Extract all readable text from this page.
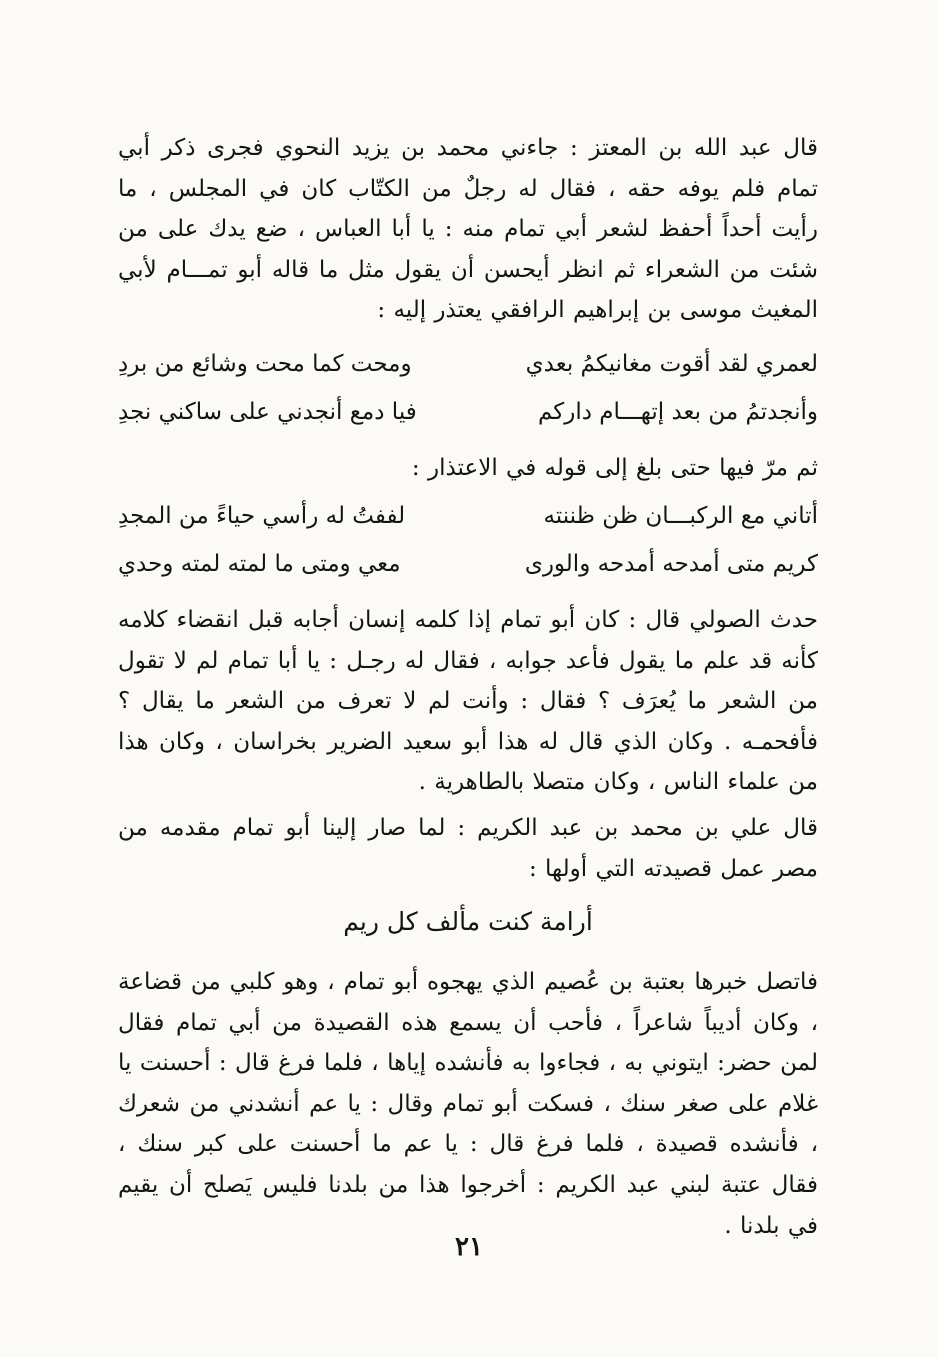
قال عبد الله بن المعتز : جاءني محمد بن يزيد النحوي فجرى ذكر أبي تمام فلم يوفه حقه ، فقال له رجلٌ من الكتّاب كان في المجلس ، ما رأيت أحداً أحفظ لشعر أبي تمام منه : يا أبا العباس ، ضع يدك على من شئت من الشعراء ثم انظر أيحسن أن يقول مثل ما قاله أبو تمـــام لأبي المغيث موسى بن إبراهيم الرافقي يعتذر إليه :

لعمري لقد أقوت مغانيكمُ بعدي
ومحت كما محت وشائع من بردِ
وأنجدتمُ من بعد إتهـــام داركم
فيا دمع أنجدني على ساكني نجدِ

ثم مرّ فيها حتى بلغ إلى قوله في الاعتذار :

أتاني مع الركبـــان ظن ظننته
لففتُ له رأسي حياءً من المجدِ
كريم متى أمدحه أمدحه والورى
معي ومتى ما لمته لمته وحدي

حدث الصولي قال : كان أبو تمام إذا كلمه إنسان أجابه قبل انقضاء كلامه كأنه قد علم ما يقول فأعد جوابه ، فقال له رجـل : يا أبا تمام لم لا تقول من الشعر ما يُعرَف ؟ فقال : وأنت لم لا تعرف من الشعر ما يقال ؟ فأفحمـه . وكان الذي قال له هذا أبو سعيد الضرير بخراسان ، وكان هذا من علماء الناس ، وكان متصلا بالطاهرية .

قال علي بن محمد بن عبد الكريم : لما صار إلينا أبو تمام مقدمه من مصر عمل قصيدته التي أولها :

أرامة كنت مألف كل ريم

فاتصل خبرها بعتبة بن عُصيم الذي يهجوه أبو تمام ، وهو كلبي من قضاعة ، وكان أديباً شاعراً ، فأحب أن يسمع هذه القصيدة من أبي تمام فقال لمن حضر: ايتوني به ، فجاءوا به فأنشده إياها ، فلما فرغ قال : أحسنت يا غلام على صغر سنك ، فسكت أبو تمام وقال : يا عم أنشدني من شعرك ، فأنشده قصيدة ، فلما فرغ قال : يا عم ما أحسنت على كبر سنك ، فقال عتبة لبني عبد الكريم : أخرجوا هذا من بلدنا فليس يَصلح أن يقيم في بلدنا .

٢١
